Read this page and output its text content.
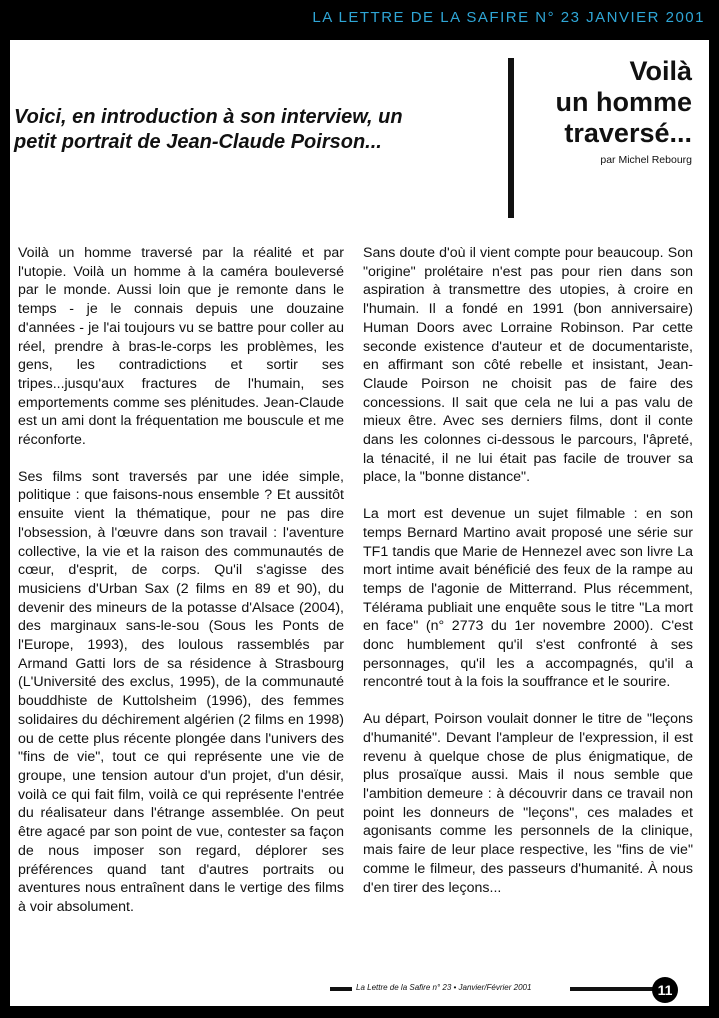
LA LETTRE DE LA SAFIRE N° 23 JANVIER 2001

Voici, en introduction à son interview, un petit portrait de Jean-Claude Poirson...

Voilà
un homme
traversé...

par Michel Rebourg

Voilà un homme traversé par la réalité et par l'utopie. Voilà un homme à la caméra bouleversé par le monde. Aussi loin que je remonte dans le temps - je le connais depuis une douzaine d'années - je l'ai toujours vu se battre pour coller au réel, prendre à bras-le-corps les problèmes, les gens, les contradictions et sortir ses tripes...jusqu'aux fractures de l'humain, ses emportements comme ses plénitudes. Jean-Claude est un ami dont la fréquentation me bouscule et me réconforte.

Ses films sont traversés par une idée simple, politique : que faisons-nous ensemble ? Et aussitôt ensuite vient la thématique, pour ne pas dire l'obsession, à l'œuvre dans son travail : l'aventure collective, la vie et la raison des communautés de cœur, d'esprit, de corps. Qu'il s'agisse des musiciens d'Urban Sax (2 films en 89 et 90), du devenir des mineurs de la potasse d'Alsace (2004), des marginaux sans-le-sou (Sous les Ponts de l'Europe, 1993), des loulous rassemblés par Armand Gatti lors de sa résidence à Strasbourg (L'Université des exclus, 1995), de la communauté bouddhiste de Kuttolsheim (1996), des femmes solidaires du déchirement algérien (2 films en 1998) ou de cette plus récente plongée dans l'univers des "fins de vie", tout ce qui représente une vie de groupe, une tension autour d'un projet, d'un désir, voilà ce qui fait film, voilà ce qui représente l'entrée du réalisateur dans l'étrange assemblée. On peut être agacé par son point de vue, contester sa façon de nous imposer son regard, déplorer ses préférences quand tant d'autres portraits ou aventures nous entraînent dans le vertige des films à voir absolument.

Sans doute d'où il vient compte pour beaucoup. Son "origine" prolétaire n'est pas pour rien dans son aspiration à transmettre des utopies, à croire en l'humain. Il a fondé en 1991 (bon anniversaire) Human Doors avec Lorraine Robinson. Par cette seconde existence d'auteur et de documentariste, en affirmant son côté rebelle et insistant, Jean-Claude Poirson ne choisit pas de faire des concessions. Il sait que cela ne lui a pas valu de mieux être. Avec ses derniers films, dont il conte dans les colonnes ci-dessous le parcours, l'âpreté, la ténacité, il ne lui était pas facile de trouver sa place, la "bonne distance".

La mort est devenue un sujet filmable : en son temps Bernard Martino avait proposé une série sur TF1 tandis que Marie de Hennezel avec son livre La mort intime avait bénéficié des feux de la rampe au temps de l'agonie de Mitterrand. Plus récemment, Télérama publiait une enquête sous le titre "La mort en face" (n° 2773 du 1er novembre 2000). C'est donc humblement qu'il s'est confronté à ses personnages, qu'il les a accompagnés, qu'il a rencontré tout à la fois la souffrance et le sourire.

Au départ, Poirson voulait donner le titre de "leçons d'humanité". Devant l'ampleur de l'expression, il est revenu à quelque chose de plus énigmatique, de plus prosaïque aussi. Mais il nous semble que l'ambition demeure : à découvrir dans ce travail non point les donneurs de "leçons", ces malades et agonisants comme les personnels de la clinique, mais faire de leur place respective, les "fins de vie" comme le filmeur, des passeurs d'humanité. À nous d'en tirer des leçons...

La Lettre de la Safire n° 23 • Janvier/Février 2001	11
